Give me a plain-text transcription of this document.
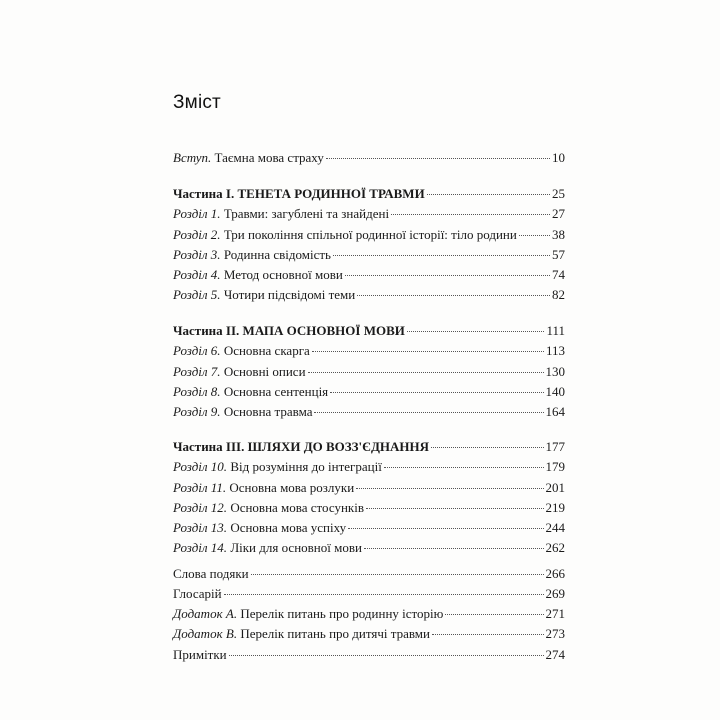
Зміст
Вступ. Таємна мова страху	10
Частина I. ТЕНЕТА РОДИННОЇ ТРАВМИ	25
Розділ 1. Травми: загублені та знайдені	27
Розділ 2. Три покоління спільної родинної історії: тіло родини	38
Розділ 3. Родинна свідомість	57
Розділ 4. Метод основної мови	74
Розділ 5. Чотири підсвідомі теми	82
Частина II. МАПА ОСНОВНОЇ МОВИ	111
Розділ 6. Основна скарга	113
Розділ 7. Основні описи	130
Розділ 8. Основна сентенція	140
Розділ 9. Основна травма	164
Частина III. ШЛЯХИ ДО ВОЗЗ'ЄДНАННЯ	177
Розділ 10. Від розуміння до інтеграції	179
Розділ 11. Основна мова розлуки	201
Розділ 12. Основна мова стосунків	219
Розділ 13. Основна мова успіху	244
Розділ 14. Ліки для основної мови	262
Слова подяки	266
Глосарій	269
Додаток А. Перелік питань про родинну історію	271
Додаток В. Перелік питань про дитячі травми	273
Примітки	274
